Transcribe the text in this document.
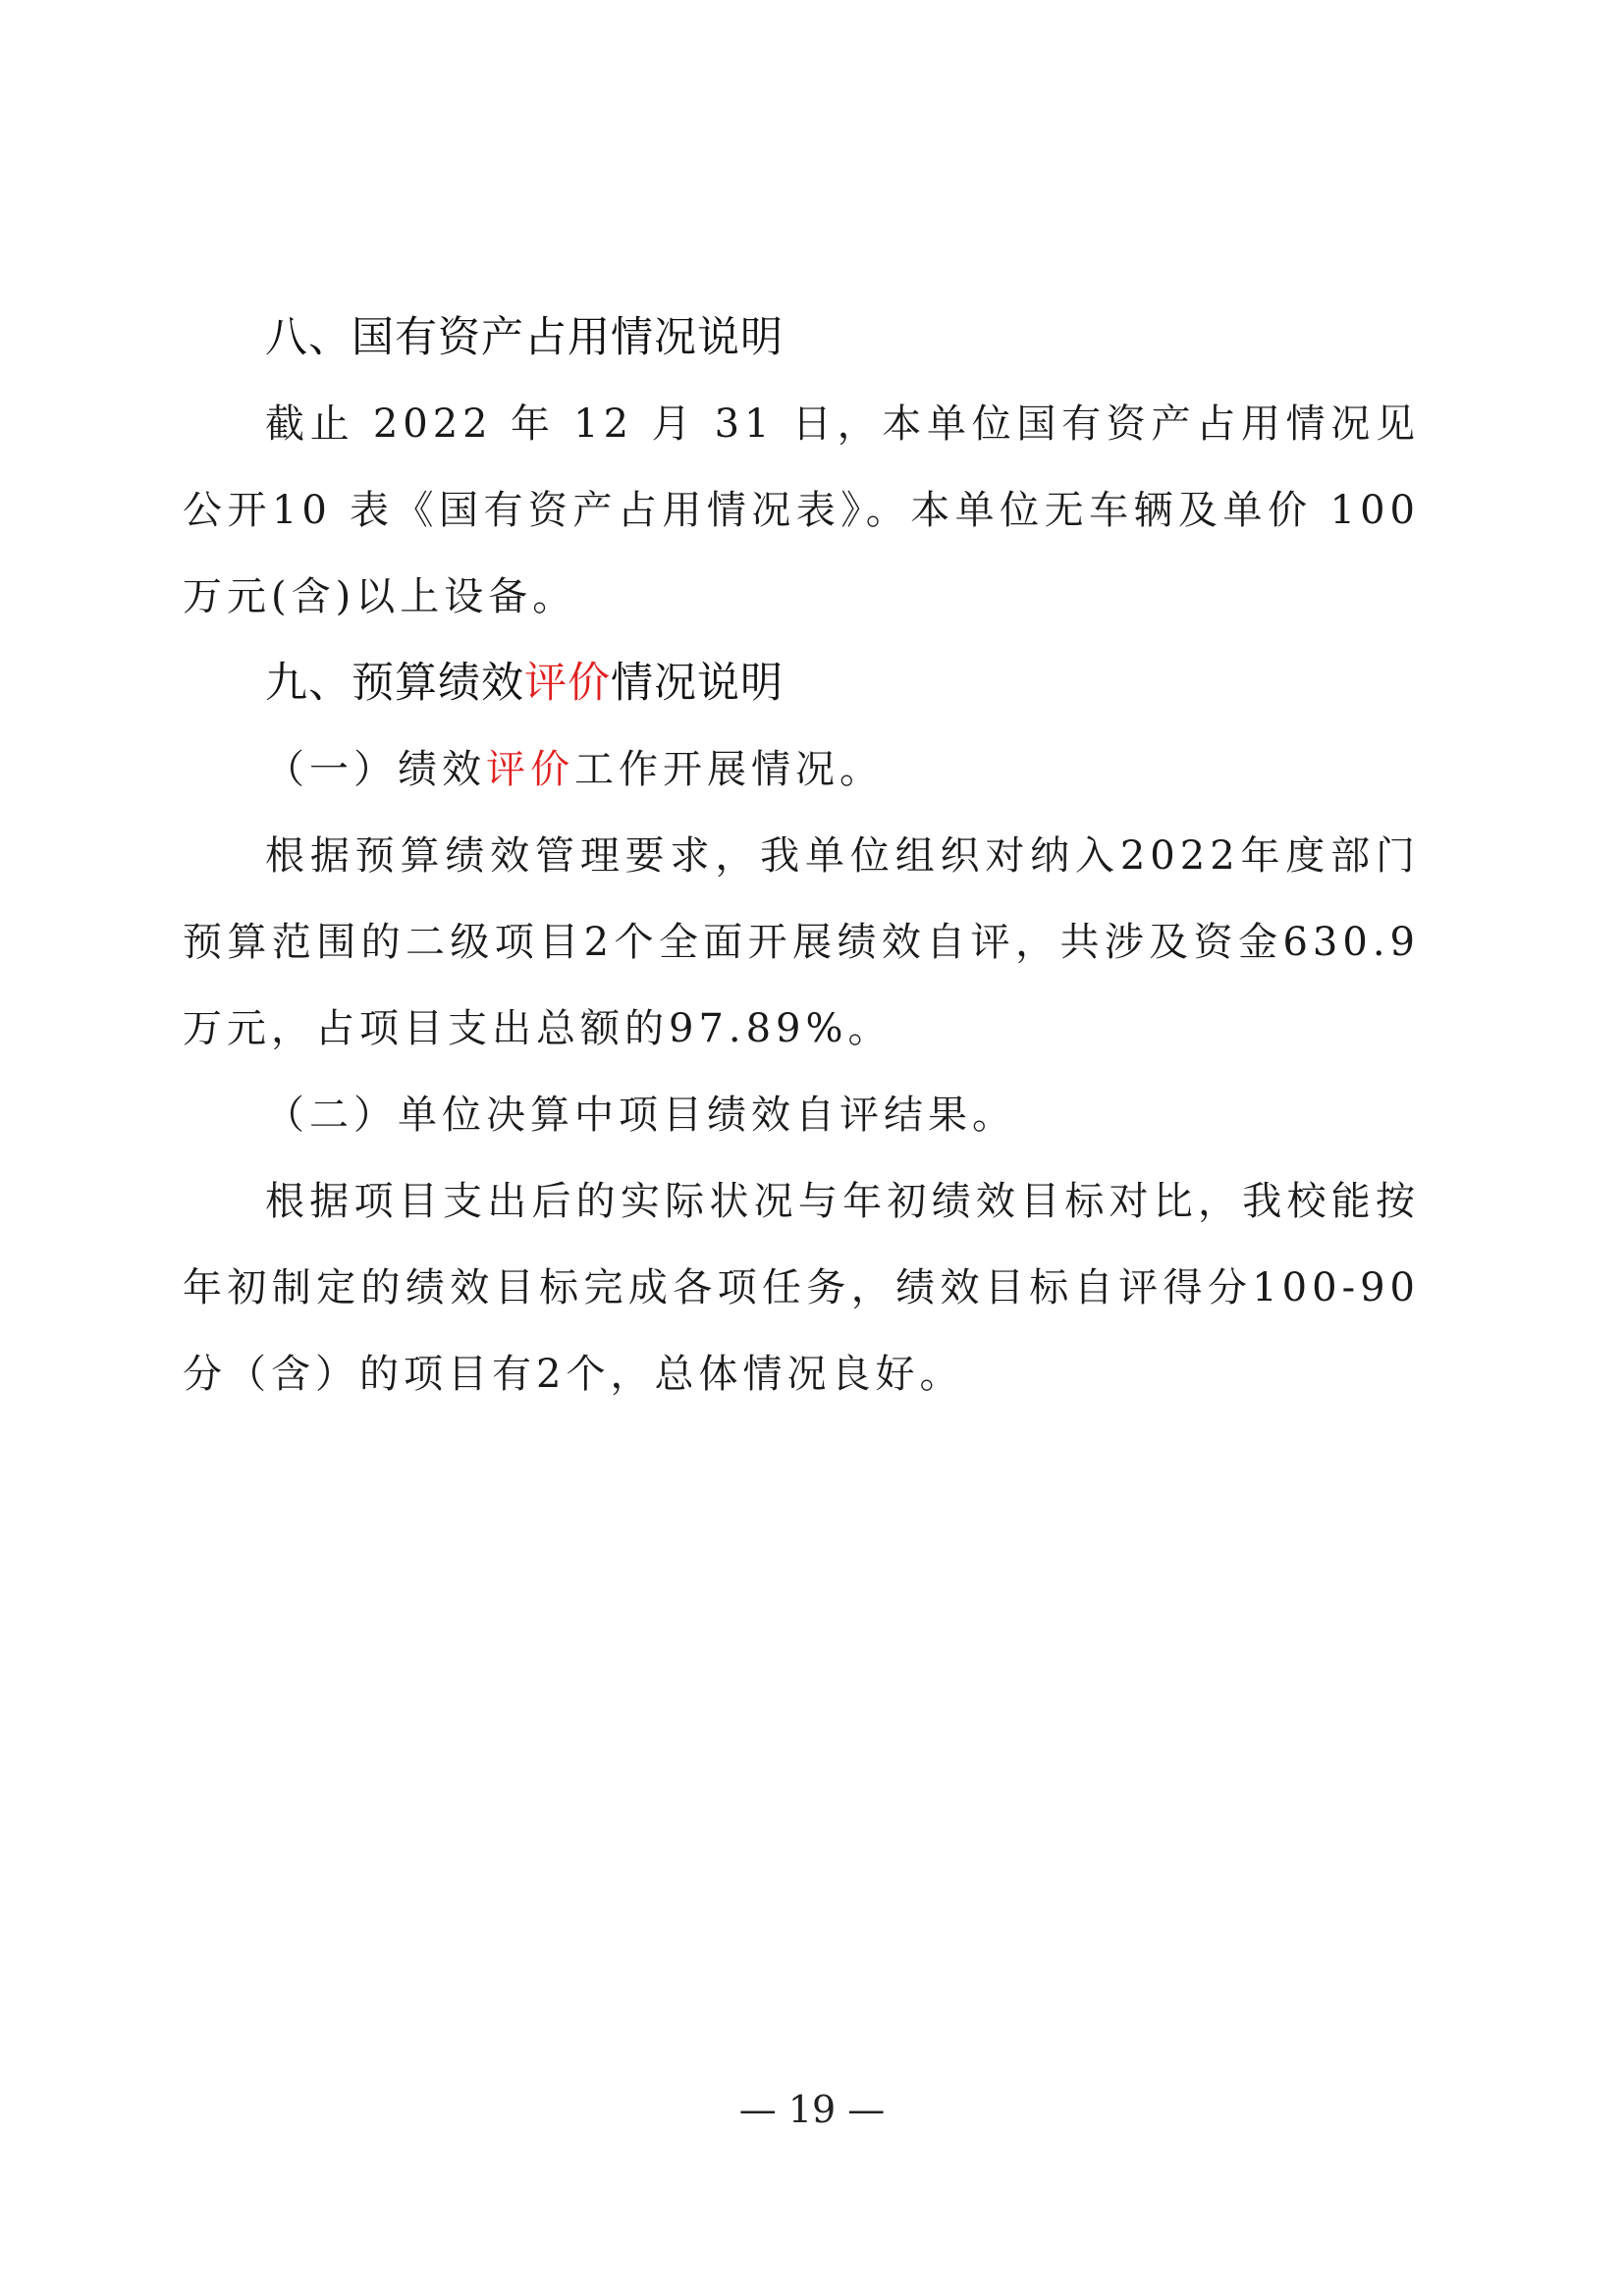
八、国有资产占用情况说明

截止 2022 年 12 月 31 日，本单位国有资产占用情况见公开10 表《国有资产占用情况表》。本单位无车辆及单价 100 万元(含)以上设备。

九、预算绩效评价情况说明

（一）绩效评价工作开展情况。

根据预算绩效管理要求，我单位组织对纳入2022年度部门预算范围的二级项目2个全面开展绩效自评，共涉及资金630.9万元，占项目支出总额的97.89%。

（二）单位决算中项目绩效自评结果。

根据项目支出后的实际状况与年初绩效目标对比，我校能按年初制定的绩效目标完成各项任务，绩效目标自评得分100-90 分（含）的项目有2个，总体情况良好。

— 19 —
